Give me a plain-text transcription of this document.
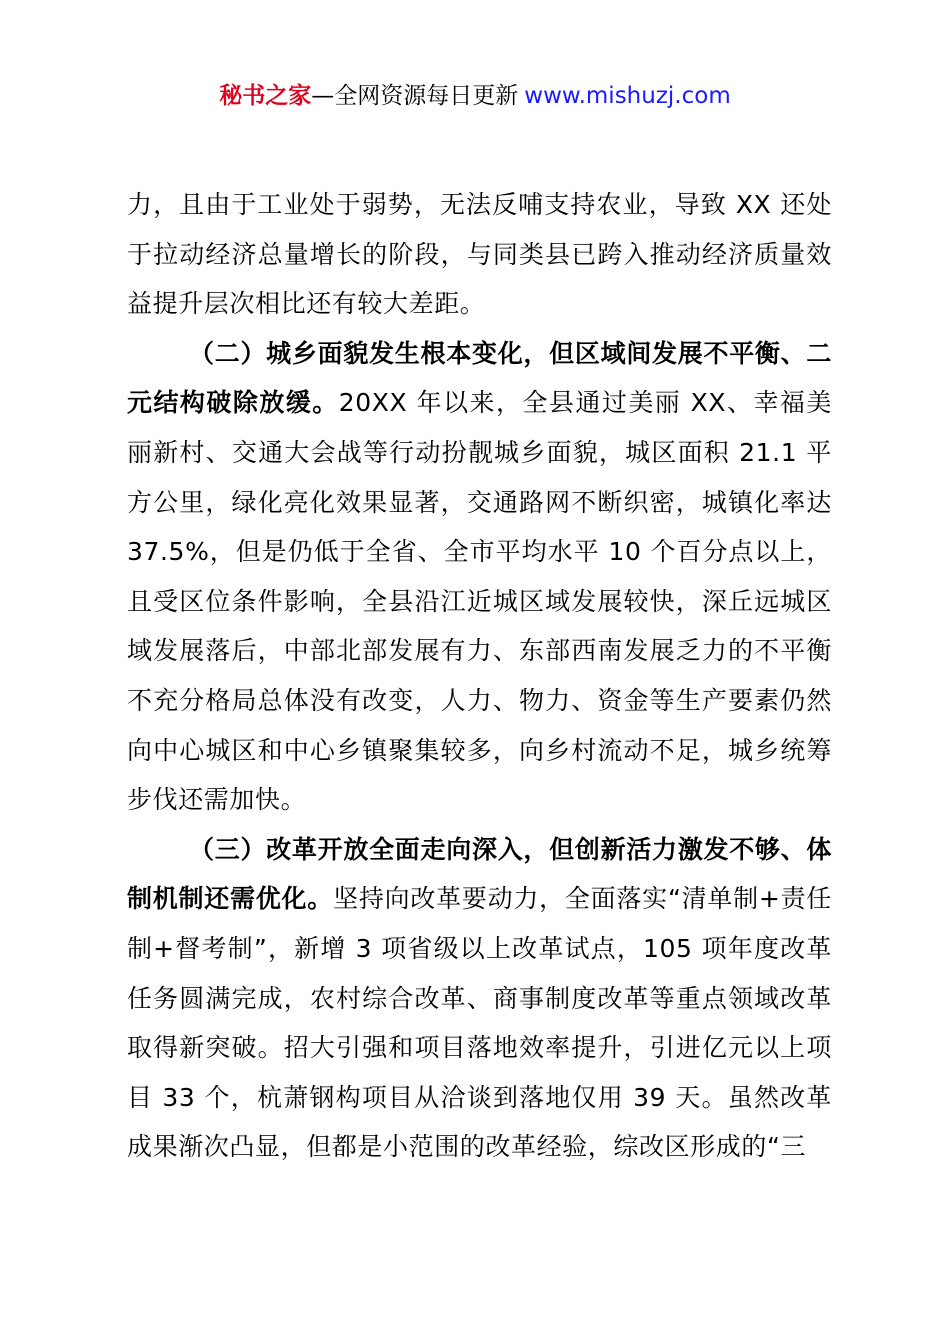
秘书之家—全网资源每日更新 www.mishuzj.com

力，且由于工业处于弱势，无法反哺支持农业，导致 XX 还处于拉动经济总量增长的阶段，与同类县已跨入推动经济质量效益提升层次相比还有较大差距。

（二）城乡面貌发生根本变化，但区域间发展不平衡、二元结构破除放缓。20XX 年以来，全县通过美丽 XX、幸福美丽新村、交通大会战等行动扮靓城乡面貌，城区面积 21.1 平方公里，绿化亮化效果显著，交通路网不断织密，城镇化率达37.5%，但是仍低于全省、全市平均水平 10 个百分点以上，且受区位条件影响，全县沿江近城区域发展较快，深丘远城区域发展落后，中部北部发展有力、东部西南发展乏力的不平衡不充分格局总体没有改变，人力、物力、资金等生产要素仍然向中心城区和中心乡镇聚集较多，向乡村流动不足，城乡统筹步伐还需加快。

（三）改革开放全面走向深入，但创新活力激发不够、体制机制还需优化。坚持向改革要动力，全面落实“清单制+责任制+督考制”，新增 3 项省级以上改革试点，105 项年度改革任务圆满完成，农村综合改革、商事制度改革等重点领域改革取得新突破。招大引强和项目落地效率提升，引进亿元以上项目 33 个，杭萧钢构项目从洽谈到落地仅用 39 天。虽然改革成果渐次凸显，但都是小范围的改革经验，综改区形成的“三
